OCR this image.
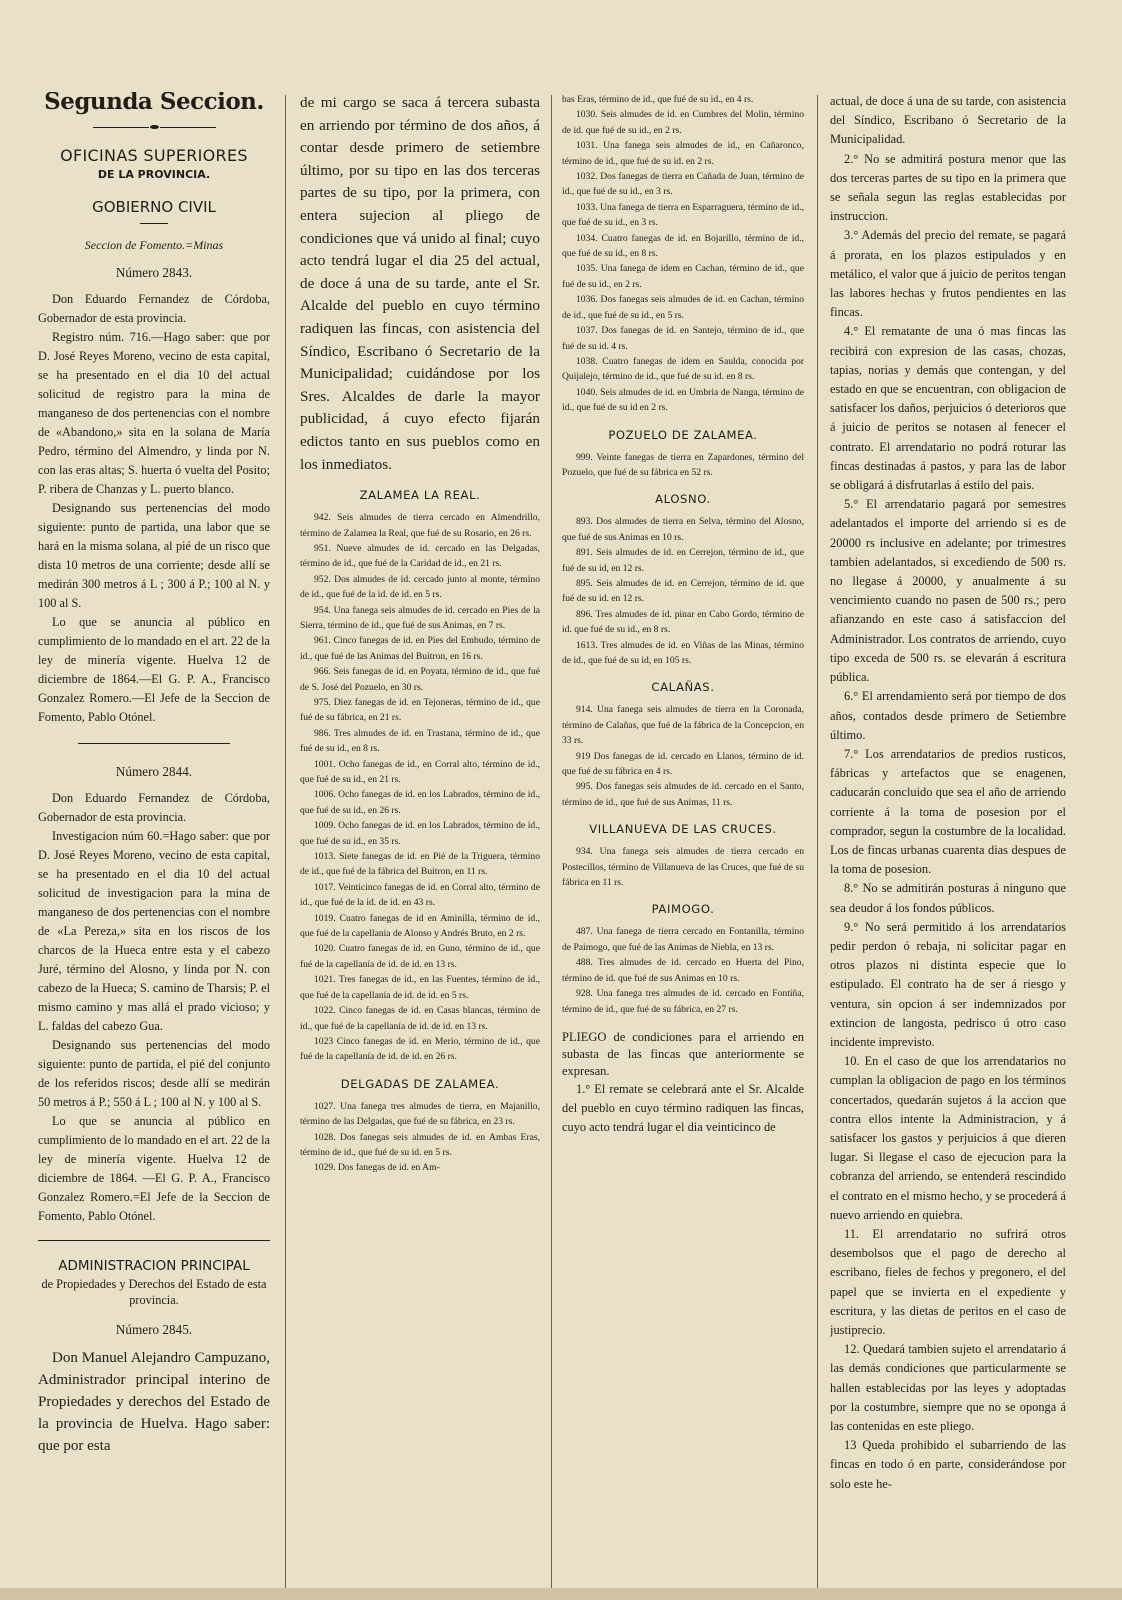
Segunda Seccion.

OFICINAS SUPERIORES

DE LA PROVINCIA.

GOBIERNO CIVIL

Seccion de Fomento.=Minas

Número 2843.

Don Eduardo Fernandez de Córdoba, Gobernador de esta provincia.

Registro núm. 716.—Hago saber: que por D. José Reyes Moreno, vecino de esta capital, se ha presentado en el dia 10 del actual solicitud de registro para la mina de manganeso de dos pertenencias con el nombre de «Abandono,» sita en la solana de María Pedro, término del Almendro, y linda por N. con las eras altas; S. huerta ó vuelta del Posito; P. ribera de Chanzas y L. puerto blanco.

Designando sus pertenencias del modo siguiente: punto de partida, una labor que se hará en la misma solana, al pié de un risco que dista 10 metros de una corriente; desde allí se medirán 300 metros á L ; 300 á P.; 100 al N. y 100 al S.

Lo que se anuncia al público en cumplimiento de lo mandado en el art. 22 de la ley de minería vigente. Huelva 12 de diciembre de 1864.—El G. P. A., Francisco Gonzalez Romero.—El Jefe de la Seccion de Fomento, Pablo Otónel.

Número 2844.

Don Eduardo Fernandez de Córdoba, Gobernador de esta provincia.

Investigacion núm 60.=Hago saber: que por D. José Reyes Moreno, vecino de esta capital, se ha presentado en el dia 10 del actual solicitud de investigacion para la mina de manganeso de dos pertenencias con el nombre de «La Pereza,» sita en los riscos de los charcos de la Hueca entre esta y el cabezo Juré, término del Alosno, y linda por N. con cabezo de la Hueca; S. camino de Tharsis; P. el mismo camino y mas allá el prado vicioso; y L. faldas del cabezo Gua.

Designando sus pertenencias del modo siguiente: punto de partida, el pié del conjunto de los referidos riscos; desde allí se medirán 50 metros á P.; 550 á L ; 100 al N. y 100 al S.

Lo que se anuncia al público en cumplimiento de lo mandado en el art. 22 de la ley de minería vigente. Huelva 12 de diciembre de 1864. —El G. P. A., Francisco Gonzalez Romero.=El Jefe de la Seccion de Fomento, Pablo Otónel.

ADMINISTRACION PRINCIPAL

de Propiedades y Derechos del Estado de esta provincia.

Número 2845.

Don Manuel Alejandro Campuzano, Administrador principal interino de Propiedades y derechos del Estado de la provincia de Huelva. Hago saber: que por esta

de mi cargo se saca á tercera subasta en arriendo por término de dos años, á contar desde primero de setiembre último, por su tipo en las dos terceras partes de su tipo, por la primera, con entera sujecion al pliego de condiciones que vá unido al final; cuyo acto tendrá lugar el dia 25 del actual, de doce á una de su tarde, ante el Sr. Alcalde del pueblo en cuyo término radiquen las fincas, con asistencia del Síndico, Escribano ó Secretario de la Municipalidad; cuidándose por los Sres. Alcaldes de darle la mayor publicidad, á cuyo efecto fijarán edictos tanto en sus pueblos como en los inmediatos.

ZALAMEA LA REAL.

942. Seis almudes de tierra cercado en Almendrillo, término de Zalamea la Real, que fué de su Rosario, en 26 rs.

951. Nueve almudes de id. cercado en las Delgadas, término de id., que fué de la Caridad de id., en 21 rs.

952. Dos almudes de id. cercado junto al monte, término de id., que fué de la id. de id. en 5 rs.

954. Una fanega seis almudes de id. cercado en Pies de la Sierra, término de id., que fué de sus Animas, en 7 rs.

961. Cinco fanegas de id. en Pies del Embudo, término de id., que fué de las Animas del Buitron, en 16 rs.

966. Seis fanegas de id. en Poyata, término de id., que fué de S. José del Pozuelo, en 30 rs.

975. Diez fanegas de id. en Tejoneras, término de id., que fué de su fábrica, en 21 rs.

986. Tres almudes de id. en Trastana, término de id., que fué de su id., en 8 rs.

1001. Ocho fanegas de id., en Corral alto, término de id., que fué de su id., en 21 rs.

1006. Ocho fanegas de id. en los Labrados, término de id., que fué de su id., en 26 rs.

1009. Ocho fanegas de id. en los Labrados, término de id., que fué de su id., en 35 rs.

1013. Siete fanegas de id. en Pié de la Triguera, término de id., que fué de la fábrica del Buitron, en 11 rs.

1017. Veinticinco fanegas de id. en Corral alto, término de id., que fué de la id. de id. en 43 rs.

1019. Cuatro fanegas de id en Aminilla, término de id., que fué de la capellanía de Alonso y Andrés Bruto, en 2 rs.

1020. Cuatro fanegas de id. en Guno, término de id., que fué de la capellanía de id. de id. en 13 rs.

1021. Tres fanegas de id., en las Fuentes, término de id., que fué de la capellanía de id. de id. en 5 rs.

1022. Cinco fanegas de id. en Casas blancas, término de id., que fué de la capellanía de id. de id. en 13 rs.

1023 Cinco fanegas de id. en Merio, término de id., que fué de la capellanía de id. de id. en 26 rs.

DELGADAS DE ZALAMEA.

1027. Una fanega tres almudes de tierra, en Majanillo, término de las Delgadas, que fué de su fábrica, en 23 rs.

1028. Dos fanegas seis almudes de id. en Ambas Eras, término de id., que fué de su id. en 5 rs.

1029. Dos fanegas de id. en Am-

bas Eras, término de id., que fué de su id., en 4 rs.

1030. Seis almudes de id. en Cumbres del Molin, término de id. que fué de su id., en 2 rs.

1031. Una fanega seis almudes de id., en Cañaronco, término de id., que fué de su id. en 2 rs.

1032. Dos fanegas de tierra en Cañada de Juan, término de id., que fué de su id., en 3 rs.

1033. Una fanega de tierra en Esparraguera, término de id., que fué de su id., en 3 rs.

1034. Cuatro fanegas de id. en Bojarillo, término de id., que fué de su id., en 8 rs.

1035. Una fanega de idem en Cachan, término de id., que fué de su id., en 2 rs.

1036. Dos fanegas seis almudes de id. en Cachan, término de id., que fué de su id., en 5 rs.

1037. Dos fanegas de id. en Santejo, término de id., que fué de su id. 4 rs.

1038. Cuatro fanegas de idem en Saulda, conocida por Quijalejo, término de id., que fué de su id. en 8 rs.

1040. Seis almudes de id. en Umbria de Nanga, término de id., que fué de su id en 2 rs.

POZUELO DE ZALAMEA.

999. Veinte fanegas de tierra en Zapardones, término del Pozuelo, que fué de su fábrica en 52 rs.

ALOSNO.

893. Dos almudes de tierra en Selva, término del Alosno, que fué de sus Animas en 10 rs.

891. Seis almudes de id. en Cerrejon, término de id., que fué de su id, en 12 rs.

895. Seis almudes de id. en Cerrejon, término de id. que fué de su id. en 12 rs.

896. Tres almudes de id. pinar en Cabo Gordo, término de id. que fué de su id., en 8 rs.

1613. Tres almudes de id. en Viñas de las Minas, término de id., que fué de su id, en 105 rs.

CALAÑAS.

914. Una fanega seis almudes de tierra en la Coronada, término de Calañas, que fué de la fábrica de la Concepcion, en 33 rs.

919 Dos fanegas de id. cercado en Llanos, término de id. que fué de su fábrica en 4 rs.

995. Dos fanegas seis almudes de id. cercado en el Santo, término de id., que fué de sus Animas, 11 rs.

VILLANUEVA DE LAS CRUCES.

934. Una fanega seis almudes de tierra cercado en Postecillos, término de Villanueva de las Cruces, que fué de su fábrica en 11 rs.

PAIMOGO.

487. Una fanega de tierra cercado en Fontanilla, término de Paimogo, que fué de las Animas de Niebla, en 13 rs.

488. Tres almudes de id. cercado en Huerta del Pino, término de id. que fué de sus Animas en 10 rs.

928. Una fanega tres almudes de id. cercado en Fontiña, término de id., que fué de su fábrica, en 27 rs.

PLIEGO de condiciones para el arriendo en subasta de las fincas que anteriormente se expresan.

1.° El remate se celebrará ante el Sr. Alcalde del pueblo en cuyo término radiquen las fincas, cuyo acto tendrá lugar el dia veinticinco de

actual, de doce á una de su tarde, con asistencia del Síndico, Escribano ó Secretario de la Municipalidad.

2.° No se admitirá postura menor que las dos terceras partes de su tipo en la primera que se señala segun las reglas establecidas por instruccion.

3.° Además del precio del remate, se pagará á prorata, en los plazos estipulados y en metálico, el valor que á juicio de peritos tengan las labores hechas y frutos pendientes en las fincas.

4.° El rematante de una ó mas fincas las recibirá con expresion de las casas, chozas, tapias, norias y demás que contengan, y del estado en que se encuentran, con obligacion de satisfacer los daños, perjuicios ó deterioros que á juicio de peritos se notasen al fenecer el contrato. El arrendatario no podrá roturar las fincas destinadas á pastos, y para las de labor se obligará á disfrutarlas á estilo del pais.

5.° El arrendatario pagará por semestres adelantados el importe del arriendo si es de 20000 rs inclusive en adelante; por trimestres tambien adelantados, si excediendo de 500 rs. no llegase á 20000, y anualmente á su vencimiento cuando no pasen de 500 rs.; pero afianzando en este caso á satisfaccion del Administrador. Los contratos de arriendo, cuyo tipo exceda de 500 rs. se elevarán á escritura pública.

6.° El arrendamiento será por tiempo de dos años, contados desde primero de Setiembre último.

7.° Los arrendatarios de predios rusticos, fábricas y artefactos que se enagenen, caducarán concluido que sea el año de arriendo corriente á la toma de posesion por el comprador, segun la costumbre de la localidad. Los de fincas urbanas cuarenta dias despues de la toma de posesion.

8.° No se admitirán posturas á ninguno que sea deudor á los fondos públicos.

9.° No será permitido á los arrendatarios pedir perdon ó rebaja, ni solicitar pagar en otros plazos ni distinta especie que lo estipulado. El contrato ha de ser á riesgo y ventura, sin opcion á ser indemnizados por extincion de langosta, pedrisco ú otro caso incidente imprevisto.

10. En el caso de que los arrendatarios no cumplan la obligacion de pago en los términos concertados, quedarán sujetos á la accion que contra ellos intente la Administracion, y á satisfacer los gastos y perjuicios á que dieren lugar. Si llegase el caso de ejecucion para la cobranza del arriendo, se entenderá rescindido el contrato en el mismo hecho, y se procederá á nuevo arriendo en quiebra.

11. El arrendatario no sufrirá otros desembolsos que el pago de derecho al escribano, fieles de fechos y pregonero, el del papel que se invierta en el expediente y escritura, y las dietas de peritos en el caso de justiprecio.

12. Quedará tambien sujeto el arrendatario á las demás condiciones que particularmente se hallen establecidas por las leyes y adoptadas por la costumbre, siempre que no se oponga á las contenidas en este pliego.

13 Queda prohibido el subarriendo de las fincas en todo ó en parte, considerándose por solo este he-
